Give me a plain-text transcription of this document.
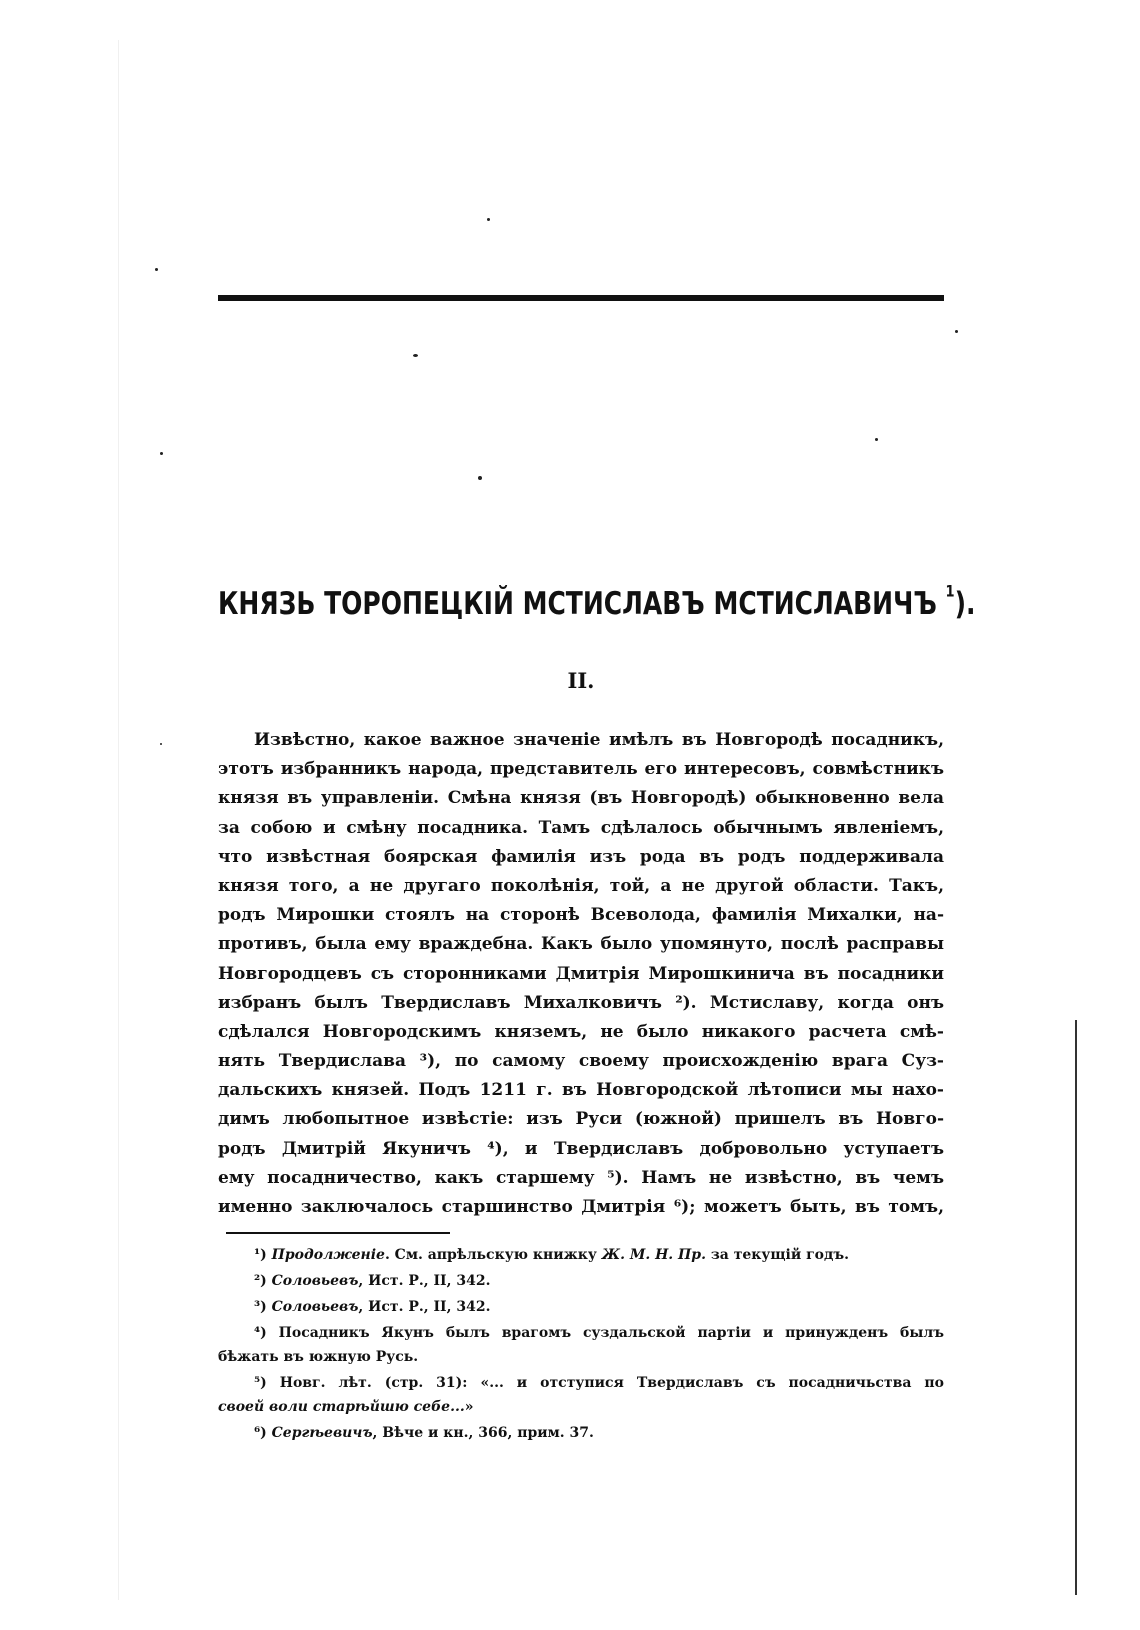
КНЯЗЬ ТОРОПЕЦКІЙ МСТИСЛАВЪ МСТИСЛАВИЧЪ $^1$).
II.
Извѣстно, какое важное значеніе имѣлъ въ Новгородѣ посадникъ,
этотъ избранникъ народа, представитель его интересовъ, совмѣстникъ
князя въ управленіи. Смѣна князя (въ Новгородѣ) обыкновенно вела
за собою и смѣну посадника. Тамъ сдѣлалось обычнымъ явленіемъ,
что извѣстная боярская фамилія изъ рода въ родъ поддерживала
князя того, а не другаго поколѣнія, той, а не другой области. Такъ,
родъ Мирошки стоялъ на сторонѣ Всеволода, фамилія Михалки, на-
противъ, была ему враждебна. Какъ было упомянуто, послѣ расправы
Новгородцевъ съ сторонниками Дмитрія Мирошкинича въ посадники
избранъ былъ Твердиславъ Михалковичъ ²). Мстиславу, когда онъ
сдѣлался Новгородскимъ княземъ, не было никакого расчета смѣ-
нять Твердислава ³), по самому своему происхожденію врага Суз-
дальскихъ князей. Подъ 1211 г. въ Новгородской лѣтописи мы нахо-
димъ любопытное извѣстіе: изъ Руси (южной) пришелъ въ Новго-
родъ Дмитрій Якуничъ ⁴), и Твердиславъ добровольно уступаетъ
ему посадничество, какъ старшему ⁵). Намъ не извѣстно, въ чемъ
именно заключалось старшинство Дмитрія ⁶); можетъ быть, въ томъ,
¹) Продолженіе. См. апрѣльскую книжку Ж. М. Н. Пр. за текущій годъ.
²) Соловьевъ, Ист. Р., II, 342.
³) Соловьевъ, Ист. Р., II, 342.
⁴) Посадникъ Якунъ былъ врагомъ суздальской партіи и принужденъ былъ
бѣжать въ южную Русь.
⁵) Новг. лѣт. (стр. 31): «... и отступися Твердиславъ съ посадничьства по
своей воли старѣйшю себе...»
⁶) Сергѣевичъ, Вѣче и кн., 366, прим. 37.
